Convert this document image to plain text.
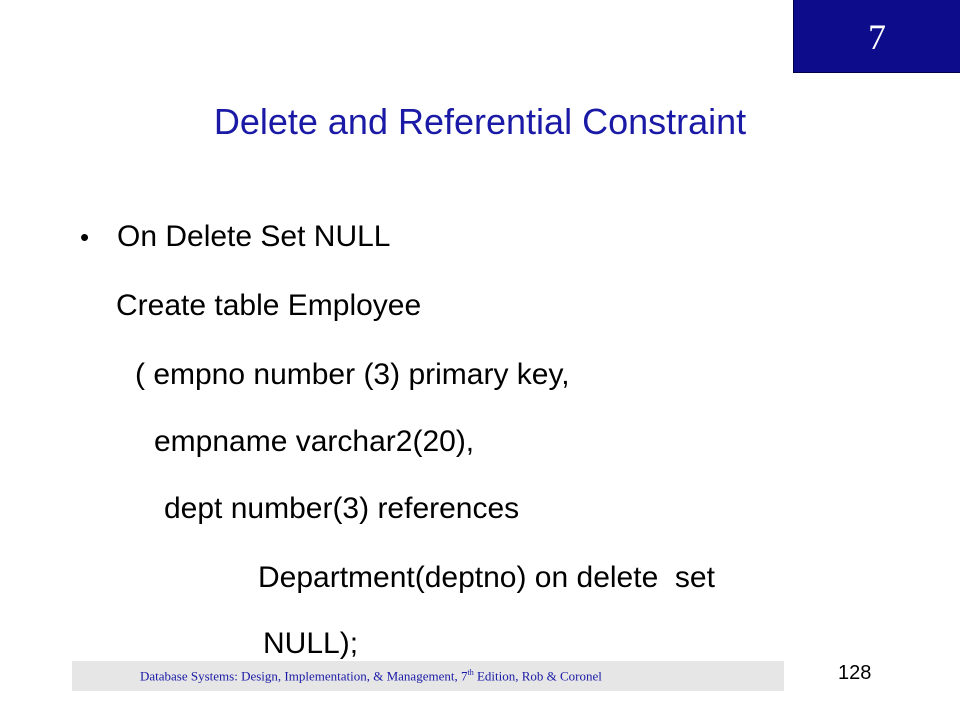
7
Delete and Referential Constraint
• On Delete Set NULL
Create table Employee
( empno number (3) primary key,
empname varchar2(20),
dept number(3) references
Department(deptno) on delete  set
NULL);
Database Systems: Design, Implementation, & Management, 7th Edition, Rob & Coronel	128
